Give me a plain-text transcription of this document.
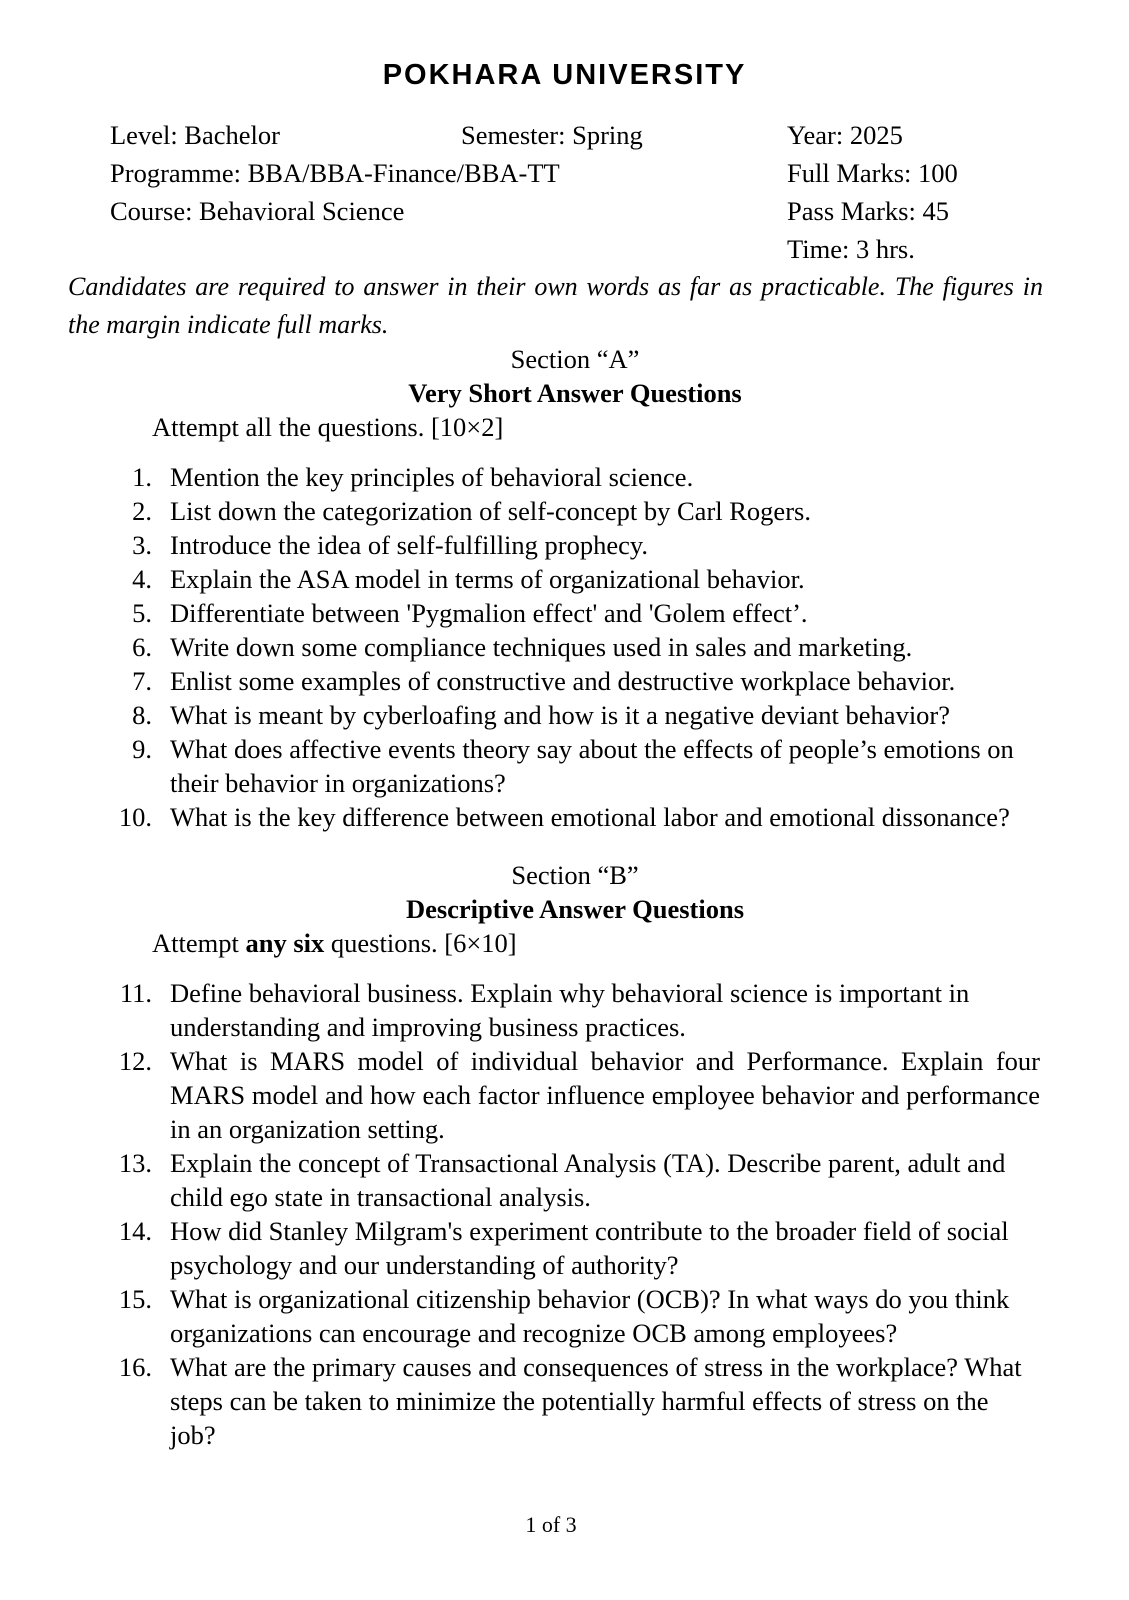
POKHARA UNIVERSITY
Level: Bachelor	Semester: Spring	Year: 2025
Programme: BBA/BBA-Finance/BBA-TT	Full Marks: 100
Course: Behavioral Science	Pass Marks: 45
Time: 3 hrs.
Candidates are required to answer in their own words as far as practicable. The figures in the margin indicate full marks.
Section “A”
Very Short Answer Questions
Attempt all the questions. [10×2]
1. Mention the key principles of behavioral science.
2. List down the categorization of self-concept by Carl Rogers.
3. Introduce the idea of self-fulfilling prophecy.
4. Explain the ASA model in terms of organizational behavior.
5. Differentiate between 'Pygmalion effect' and 'Golem effect’.
6. Write down some compliance techniques used in sales and marketing.
7. Enlist some examples of constructive and destructive workplace behavior.
8. What is meant by cyberloafing and how is it a negative deviant behavior?
9. What does affective events theory say about the effects of people’s emotions on their behavior in organizations?
10. What is the key difference between emotional labor and emotional dissonance?
Section “B”
Descriptive Answer Questions
Attempt any six questions. [6×10]
11. Define behavioral business. Explain why behavioral science is important in understanding and improving business practices.
12. What is MARS model of individual behavior and Performance. Explain four MARS model and how each factor influence employee behavior and performance in an organization setting.
13. Explain the concept of Transactional Analysis (TA). Describe parent, adult and child ego state in transactional analysis.
14. How did Stanley Milgram's experiment contribute to the broader field of social psychology and our understanding of authority?
15. What is organizational citizenship behavior (OCB)? In what ways do you think organizations can encourage and recognize OCB among employees?
16. What are the primary causes and consequences of stress in the workplace? What steps can be taken to minimize the potentially harmful effects of stress on the job?
1 of 3
